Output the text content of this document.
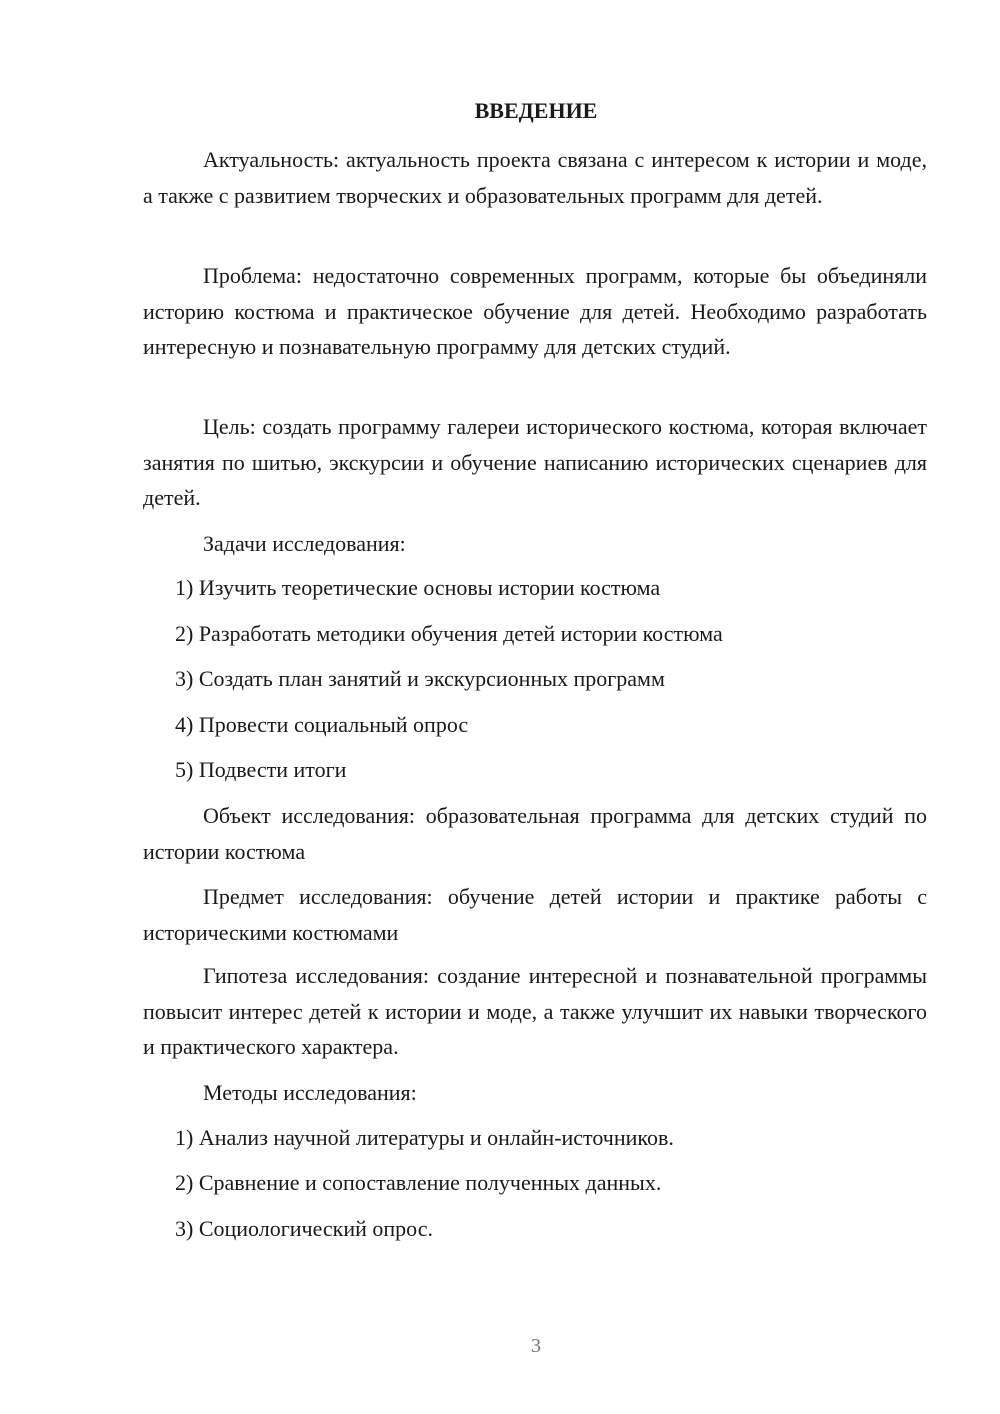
ВВЕДЕНИЕ

Актуальность: актуальность проекта связана с интересом к истории и моде, а также с развитием творческих и образовательных программ для детей.

Проблема: недостаточно современных программ, которые бы объединяли историю костюма и практическое обучение для детей. Необходимо разработать интересную и познавательную программу для детских студий.

Цель: создать программу галереи исторического костюма, которая включает занятия по шитью, экскурсии и обучение написанию исторических сценариев для детей.

Задачи исследования:

1) Изучить теоретические основы истории костюма

2) Разработать методики обучения детей истории костюма

3) Создать план занятий и экскурсионных программ

4) Провести социальный опрос

5) Подвести итоги

Объект исследования: образовательная программа для детских студий по истории костюма

Предмет исследования: обучение детей истории и практике работы с историческими костюмами

Гипотеза исследования: создание интересной и познавательной программы повысит интерес детей к истории и моде, а также улучшит их навыки творческого и практического характера.

Методы исследования:

1) Анализ научной литературы и онлайн-источников.

2) Сравнение и сопоставление полученных данных.

3) Социологический опрос.

3
